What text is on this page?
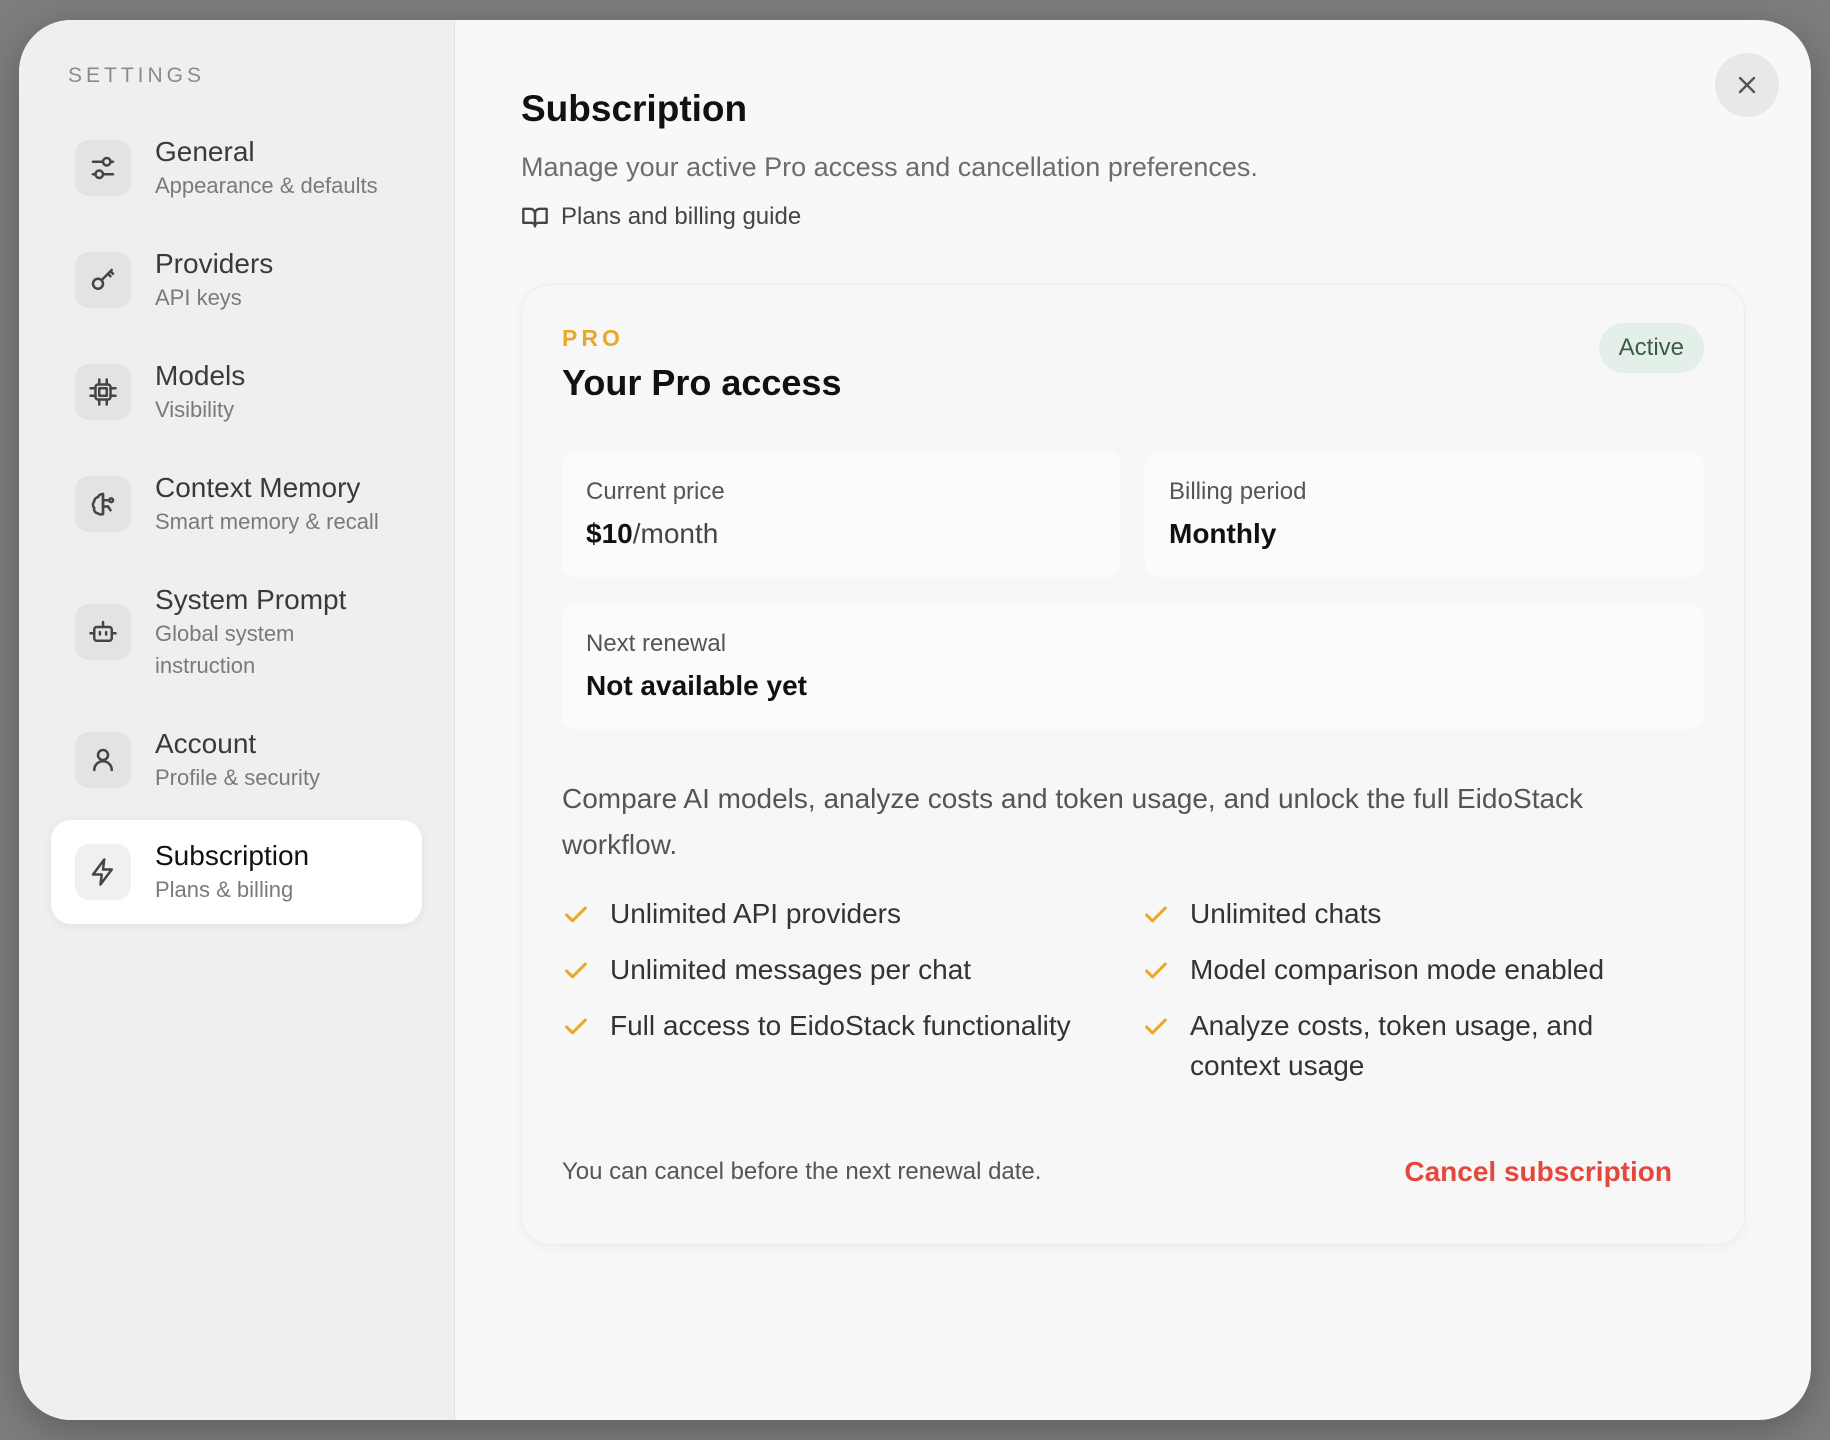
SETTINGS
General
Appearance & defaults
Providers
API keys
Models
Visibility
Context Memory
Smart memory & recall
System Prompt
Global system instruction
Account
Profile & security
Subscription
Plans & billing
Subscription

Manage your active Pro access and cancellation preferences.

Plans and billing guide
PRO
Your Pro access
Active
Current price
$10/month
Billing period
Monthly
Next renewal
Not available yet

Compare AI models, analyze costs and token usage, and unlock the full EidoStack workflow.

Unlimited API providers	Unlimited chats
Unlimited messages per chat	Model comparison mode enabled
Full access to EidoStack functionality	Analyze costs, token usage, and context usage
You can cancel before the next renewal date.	Cancel subscription
